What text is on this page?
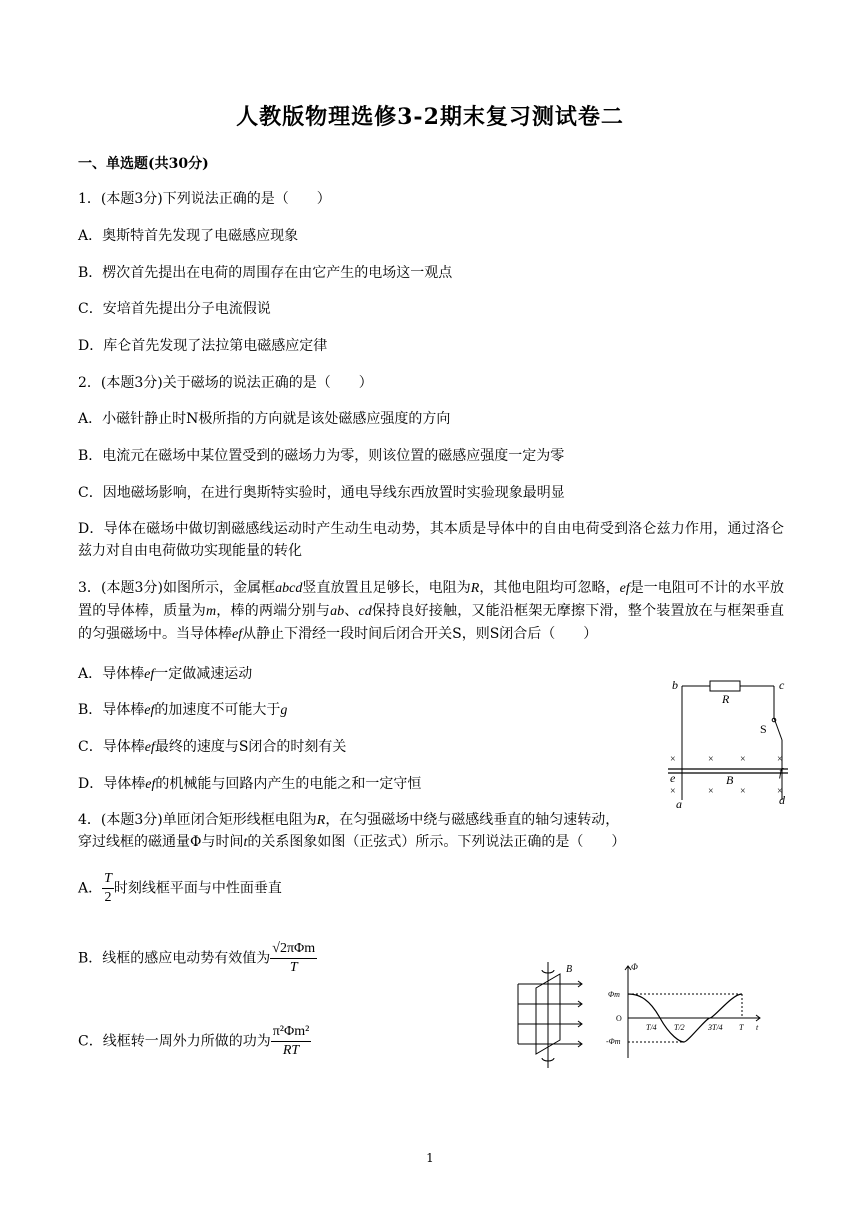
人教版物理选修3-2期末复习测试卷二
一、单选题(共30分)
1．(本题3分)下列说法正确的是（　　）
A．奥斯特首先发现了电磁感应现象
B．楞次首先提出在电荷的周围存在由它产生的电场这一观点
C．安培首先提出分子电流假说
D．库仑首先发现了法拉第电磁感应定律
2．(本题3分)关于磁场的说法正确的是（　　）
A．小磁针静止时N极所指的方向就是该处磁感应强度的方向
B．电流元在磁场中某位置受到的磁场力为零，则该位置的磁感应强度一定为零
C．因地磁场影响，在进行奥斯特实验时，通电导线东西放置时实验现象最明显
D．导体在磁场中做切割磁感线运动时产生动生电动势，其本质是导体中的自由电荷受到洛仑兹力作用，通过洛仑兹力对自由电荷做功实现能量的转化
3．(本题3分)如图所示，金属框abcd竖直放置且足够长，电阻为R，其他电阻均可忽略，ef是一电阻可不计的水平放置的导体棒，质量为m，棒的两端分别与ab、cd保持良好接触，又能沿框架无摩擦下滑，整个装置放在与框架垂直的匀强磁场中。当导体棒ef从静止下滑经一段时间后闭合开关S，则S闭合后（　　）
A．导体棒ef一定做减速运动
B．导体棒ef的加速度不可能大于g
C．导体棒ef最终的速度与S闭合的时刻有关
D．导体棒ef的机械能与回路内产生的电能之和一定守恒
b	c
R
S
e	f
B
a	d
×	×	×	×
×	×	×	×
4．(本题3分)单匝闭合矩形线框电阻为R，在匀强磁场中绕与磁感线垂直的轴匀速转动，
穿过线框的磁通量Φ与时间t的关系图象如图（正弦式）所示。下列说法正确的是（　　）
A． $\frac{T}{2}$ 时刻线框平面与中性面垂直
B．线框的感应电动势有效值为 $\frac{\text{√2πΦm}}{T}$
C．线框转一周外力所做的功为 $\frac{\text{π²Φm²}}{RT}$
B	Φ
Φm
O
-Φm
T/4 T/2	3T/4 T t
1
